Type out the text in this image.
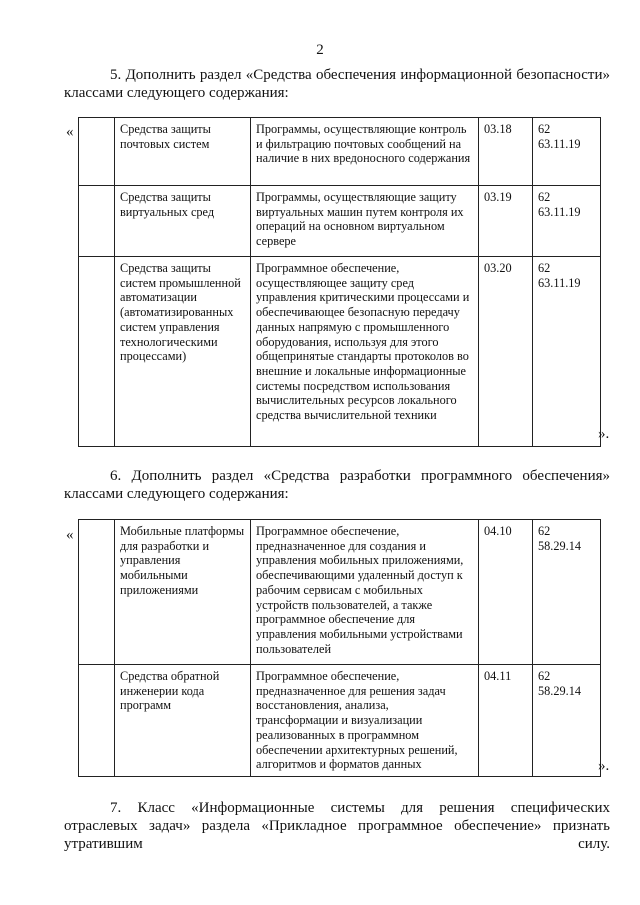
2
5. Дополнить раздел «Средства обеспечения информационной безопасности» классами следующего содержания:
«
		Средства защиты почтовых систем	Программы, осуществляющие контроль и фильтрацию почтовых сообщений на наличие в них вредоносного содержания	03.18	62
63.11.19

	Средства защиты виртуальных сред	Программы, осуществляющие защиту виртуальных машин путем контроля их операций на основном виртуальном сервере	03.19	62
63.11.19

	Средства защиты систем промышленной автоматизации (автоматизированных систем управления технологическими процессами)	Программное обеспечение, осуществляющее защиту сред управления критическими процессами и обеспечивающее безопасную передачу данных напрямую с промышленного оборудования, используя для этого общепринятые стандарты протоколов во внешние и локальные информационные системы посредством использования вычислительных ресурсов локального средства вычислительной техники	03.20	62
63.11.19
».
6. Дополнить раздел «Средства разработки программного обеспечения» классами следующего содержания:
«
		Мобильные платформы для разработки и управления мобильными приложениями	Программное обеспечение, предназначенное для создания и управления мобильных приложениями, обеспечивающими удаленный доступ к рабочим сервисам с мобильных устройств пользователей, а также программное обеспечение для управления мобильными устройствами пользователей	04.10	62
58.29.14

	Средства обратной инженерии кода программ	Программное обеспечение, предназначенное для решения задач восстановления, анализа, трансформации и визуализации реализованных в программном обеспечении архитектурных решений, алгоритмов и форматов данных	04.11	62
58.29.14
».
7. Класс «Информационные системы для решения специфических отраслевых задач» раздела «Прикладное программное обеспечение» признать утратившим силу.
